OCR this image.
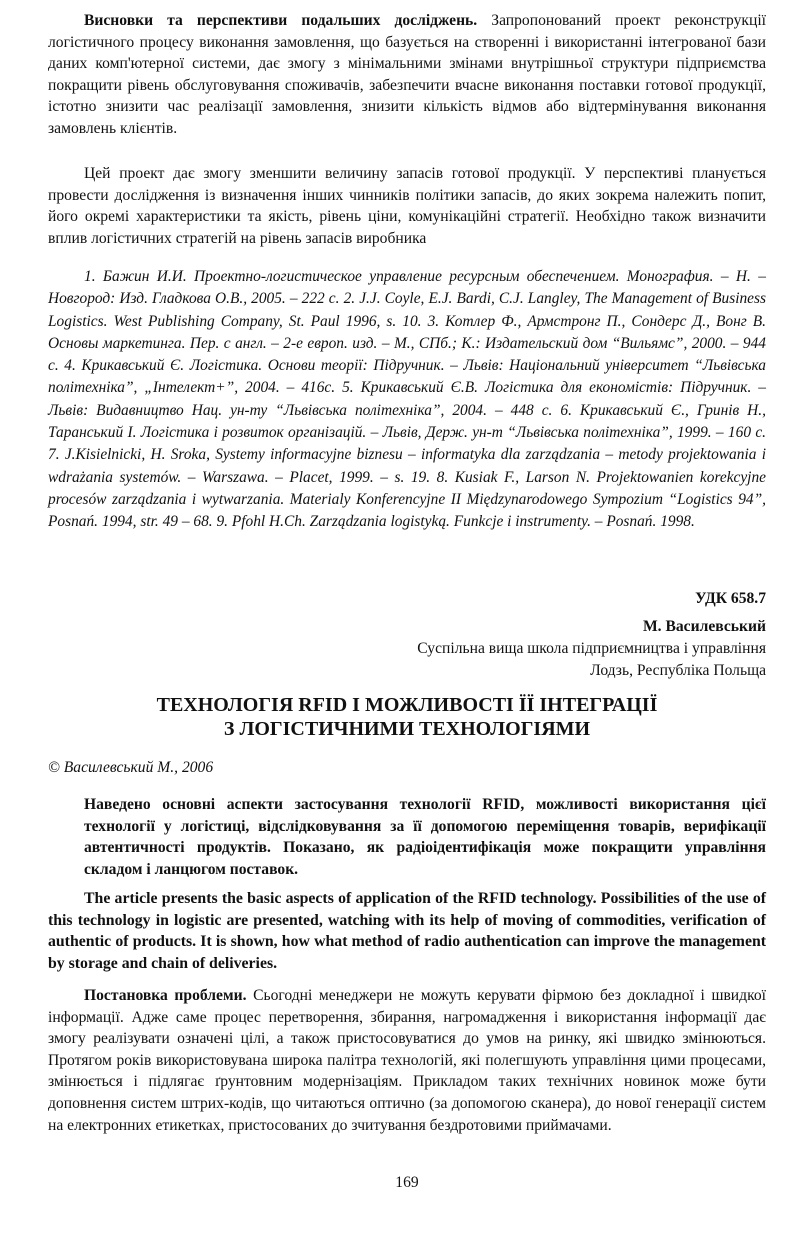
Висновки та перспективи подальших досліджень. Запропонований проект реконструкції логістичного процесу виконання замовлення, що базується на створенні і використанні інтегрованої бази даних комп'ютерної системи, дає змогу з мінімальними змінами внутрішньої структури підприємства покращити рівень обслуговування споживачів, забезпечити вчасне виконання поставки готової продукції, істотно знизити час реалізації замовлення, знизити кількість відмов або відтермінування виконання замовлень клієнтів.
Цей проект дає змогу зменшити величину запасів готової продукції. У перспективі планується провести дослідження із визначення інших чинників політики запасів, до яких зокрема належить попит, його окремі характеристики та якість, рівень ціни, комунікаційні стратегії. Необхідно також визначити вплив логістичних стратегій на рівень запасів виробника
1. Бажин И.И. Проектно-логистическое управление ресурсным обеспечением. Монография. – Н. – Новгород: Изд. Гладкова О.В., 2005. – 222 с. 2. J.J. Coyle, E.J. Bardi, C.J. Langley, The Management of Business Logistics. West Publishing Company, St. Paul 1996, s. 10. 3. Котлер Ф., Армстронг П., Сондерс Д., Вонг В. Основы маркетинга. Пер. с англ. – 2-е европ. изд. – М., СПб.; К.: Издательский дом “Вильямс”, 2000. – 944 с. 4. Крикавський Є. Логістика. Основи теорії: Підручник. – Львів: Національний університет “Львівська політехніка”, „Інтелект+”, 2004. – 416с. 5. Крикавський Є.В. Логістика для економістів: Підручник. – Львів: Видавництво Нац. ун-ту “Львівська політехніка”, 2004. – 448 с. 6. Крикавський Є., Гринів Н., Таранський І. Логістика і розвиток організацій. – Львів, Держ. ун-т “Львівська політехніка”, 1999. – 160 с. 7. J.Kisielnicki, H. Sroka, Systemy informacyjne biznesu – informatyka dla zarządzania – metody projektowania i wdrażania systemów. – Warszawa. – Placet, 1999. – s. 19. 8. Kusiak F., Larson N. Projektowanien korekcyjne procesów zarządzania i wytwarzania. Materialy Konferencyjne II Międzynarodowego Sympozium “Logistics 94”, Posnań. 1994, str. 49 – 68. 9. Pfohl H.Ch. Zarządzania logistyką. Funkcje i instrumenty. – Posnań. 1998.
УДК 658.7
М. Василевський
Суспільна вища школа підприємництва і управління
Лодзь, Республіка Польща
ТЕХНОЛОГІЯ RFID І МОЖЛИВОСТІ ЇЇ ІНТЕГРАЦІЇ
З ЛОГІСТИЧНИМИ ТЕХНОЛОГІЯМИ
© Василевський М., 2006
Наведено основні аспекти застосування технології RFID, можливості використання цієї технології у логістиці, відслідковування за її допомогою переміщення товарів, верифікації автентичності продуктів. Показано, як радіоідентифікація може покращити управління складом і ланцюгом поставок.
The article presents the basic aspects of application of the RFID technology. Possibilities of the use of this technology in logistic are presented, watching with its help of moving of commodities, verification of authentic of products. It is shown, how what method of radio authentication can improve the management by storage and chain of deliveries.
Постановка проблеми. Сьогодні менеджери не можуть керувати фірмою без докладної і швидкої інформації. Адже саме процес перетворення, збирання, нагромадження і використання інформації дає змогу реалізувати означені цілі, а також пристосовуватися до умов на ринку, які швидко змінюються. Протягом років використовувана широка палітра технологій, які полегшують управління цими процесами, змінюється і підлягає ґрунтовним модернізаціям. Прикладом таких технічних новинок може бути доповнення систем штрих-кодів, що читаються оптично (за допомогою сканера), до нової генерації систем на електронних етикетках, пристосованих до зчитування бездротовими приймачами.
169
